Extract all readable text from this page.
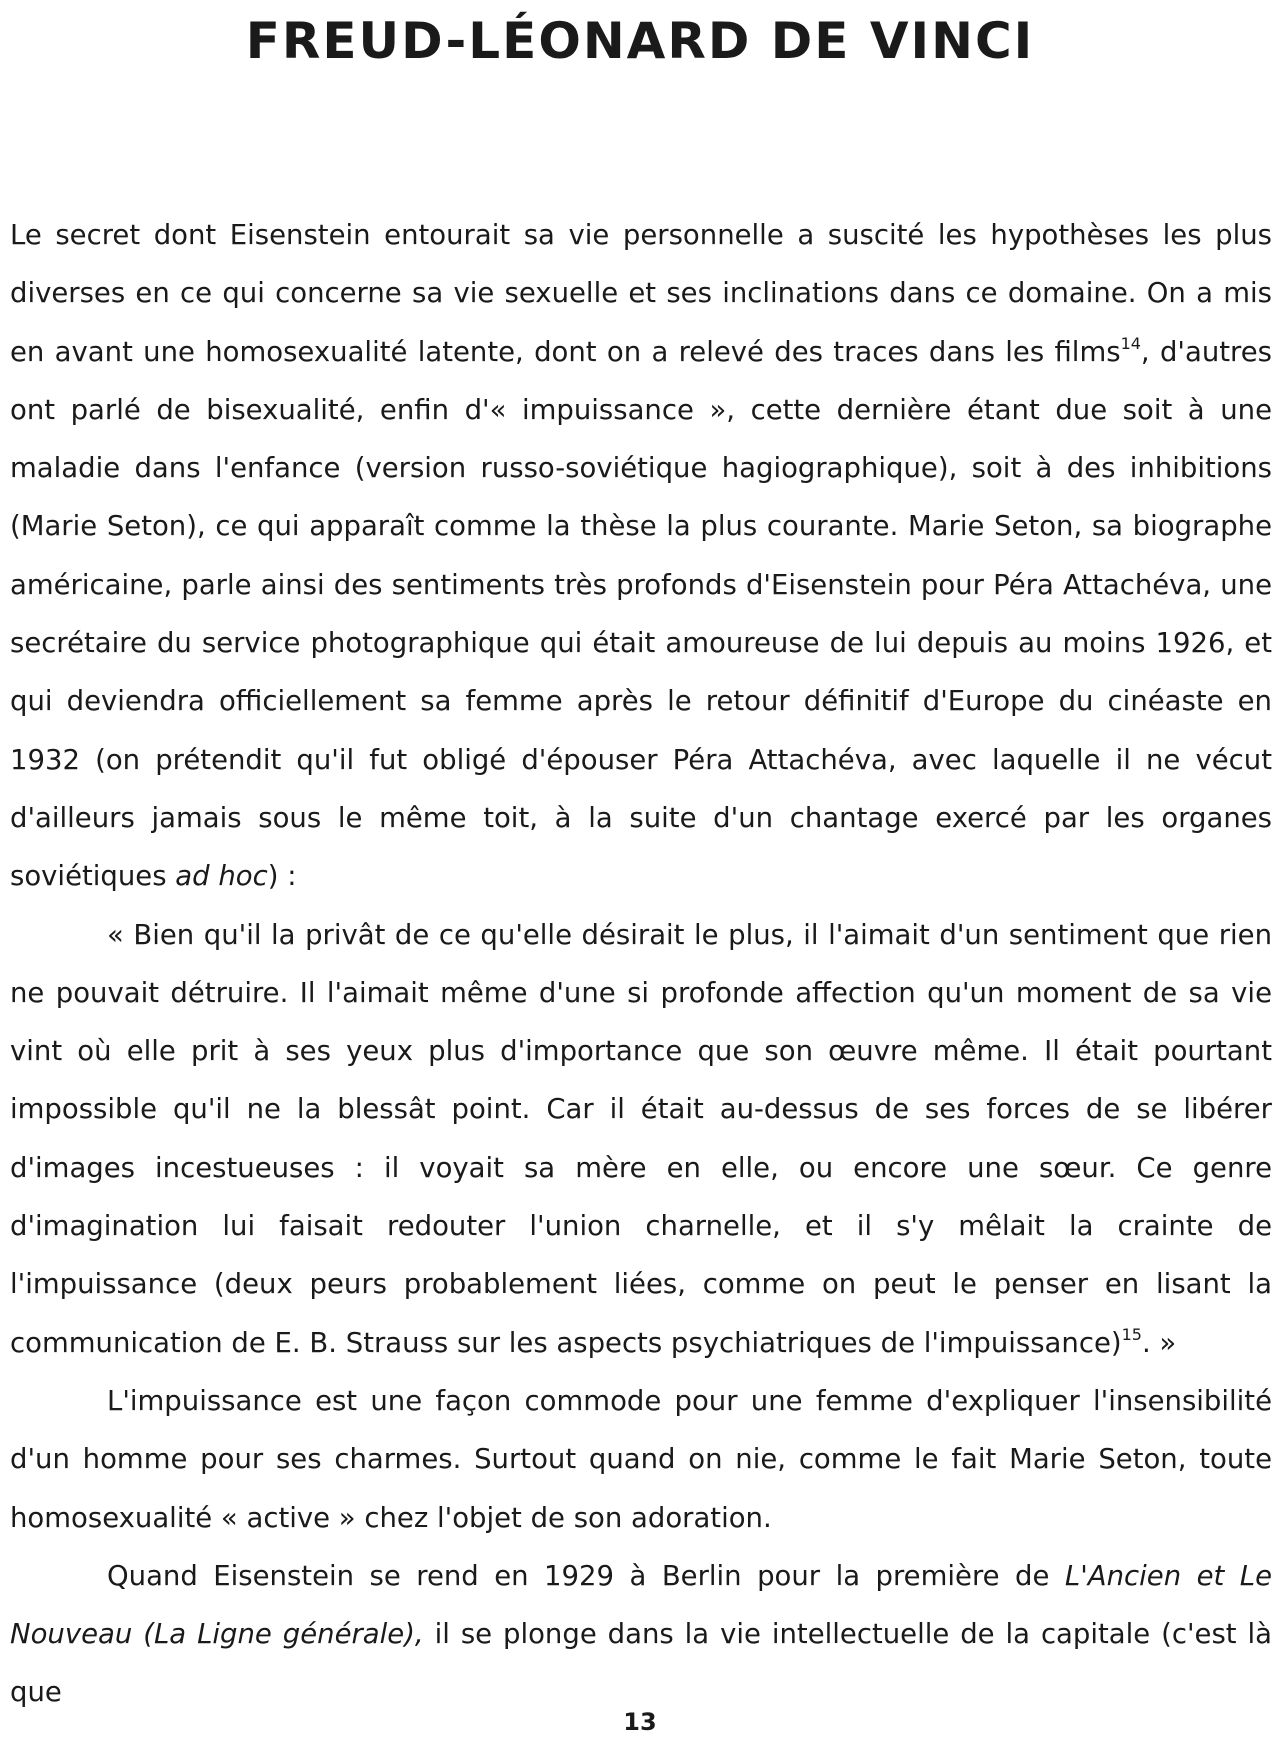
FREUD-LÉONARD DE VINCI

Le secret dont Eisenstein entourait sa vie personnelle a suscité les hypothèses les plus diverses en ce qui concerne sa vie sexuelle et ses inclinations dans ce domaine. On a mis en avant une homosexualité latente, dont on a relevé des traces dans les films$^{14}$, d'autres ont parlé de bisexualité, enfin d'« impuissance », cette dernière étant due soit à une maladie dans l'enfance (version russo-soviétique hagiographique), soit à des inhibitions (Marie Seton), ce qui apparaît comme la thèse la plus courante. Marie Seton, sa biographe américaine, parle ainsi des sentiments très profonds d'Eisenstein pour Péra Attachéva, une secrétaire du service photographique qui était amoureuse de lui depuis au moins 1926, et qui deviendra officiellement sa femme après le retour définitif d'Europe du cinéaste en 1932 (on prétendit qu'il fut obligé d'épouser Péra Attachéva, avec laquelle il ne vécut d'ailleurs jamais sous le même toit, à la suite d'un chantage exercé par les organes soviétiques ad hoc) :

« Bien qu'il la privât de ce qu'elle désirait le plus, il l'aimait d'un sentiment que rien ne pouvait détruire. Il l'aimait même d'une si profonde affection qu'un moment de sa vie vint où elle prit à ses yeux plus d'importance que son œuvre même. Il était pourtant impossible qu'il ne la blessât point. Car il était au-dessus de ses forces de se libérer d'images incestueuses : il voyait sa mère en elle, ou encore une sœur. Ce genre d'imagination lui faisait redouter l'union charnelle, et il s'y mêlait la crainte de l'impuissance (deux peurs probablement liées, comme on peut le penser en lisant la communication de E. B. Strauss sur les aspects psychiatriques de l'impuissance)$^{15}$. »

L'impuissance est une façon commode pour une femme d'expliquer l'insensibilité d'un homme pour ses charmes. Surtout quand on nie, comme le fait Marie Seton, toute homosexualité « active » chez l'objet de son adoration.

Quand Eisenstein se rend en 1929 à Berlin pour la première de L'Ancien et Le Nouveau (La Ligne générale), il se plonge dans la vie intellectuelle de la capitale (c'est là que

13
